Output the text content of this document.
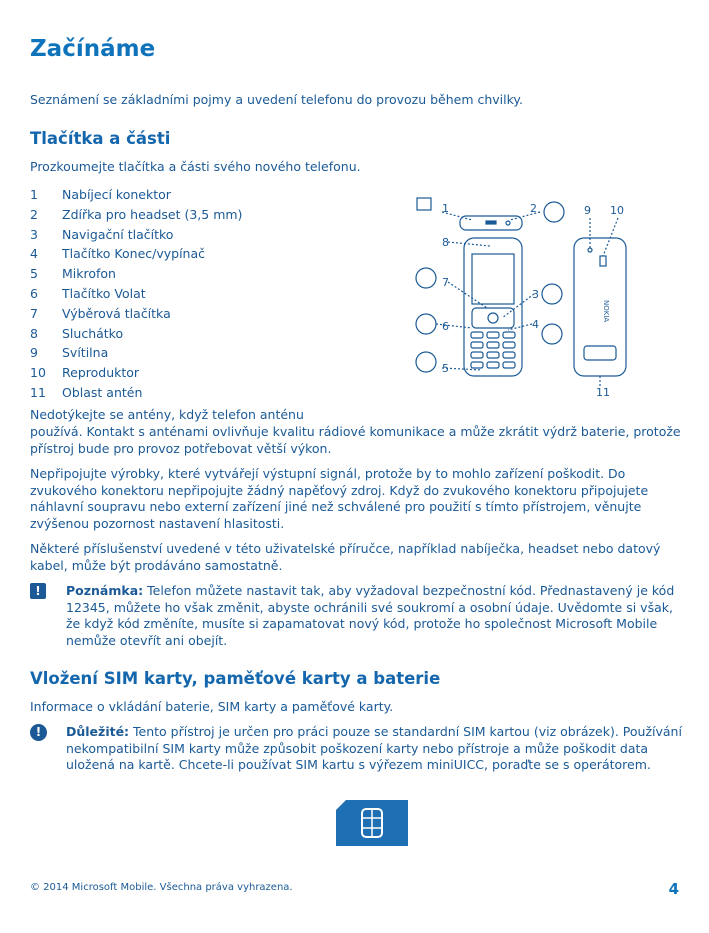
Začínáme

Seznámení se základními pojmy a uvedení telefonu do provozu během chvilky.

Tlačítka a části

Prozkoumejte tlačítka a části svého nového telefonu.

1	Nabíjecí konektor
2	Zdířka pro headset (3,5 mm)
3	Navigační tlačítko
4	Tlačítko Konec/vypínač
5	Mikrofon
6	Tlačítko Volat
7	Výběrová tlačítka
8	Sluchátko
9	Svítilna
10	Reproduktor
11	Oblast antén
1	2
3
4
5
6
7
8
9 10
11
NOKIA

Nedotýkejte se antény, když telefon anténu

používá. Kontakt s anténami ovlivňuje kvalitu rádiové komunikace a může zkrátit výdrž baterie, protože přístroj bude pro provoz potřebovat větší výkon.

Nepřipojujte výrobky, které vytvářejí výstupní signál, protože by to mohlo zařízení poškodit. Do zvukového konektoru nepřipojujte žádný napěťový zdroj. Když do zvukového konektoru připojujete náhlavní soupravu nebo externí zařízení jiné než schválené pro použití s tímto přístrojem, věnujte zvýšenou pozornost nastavení hlasitosti.

Některé příslušenství uvedené v této uživatelské příručce, například nabíječka, headset nebo datový kabel, může být prodáváno samostatně.

!	Poznámka: Telefon můžete nastavit tak, aby vyžadoval bezpečnostní kód. Přednastavený je kód 12345, můžete ho však změnit, abyste ochránili své soukromí a osobní údaje. Uvědomte si však, že když kód změníte, musíte si zapamatovat nový kód, protože ho společnost Microsoft Mobile nemůže otevřít ani obejít.
Vložení SIM karty, paměťové karty a baterie

Informace o vkládání baterie, SIM karty a paměťové karty.

!	Důležité: Tento přístroj je určen pro práci pouze se standardní SIM kartou (viz obrázek). Používání nekompatibilní SIM karty může způsobit poškození karty nebo přístroje a může poškodit data uložená na kartě. Chcete-li používat SIM kartu s výřezem miniUICC, poraďte se s operátorem.
© 2014 Microsoft Mobile. Všechna práva vyhrazena.	4
